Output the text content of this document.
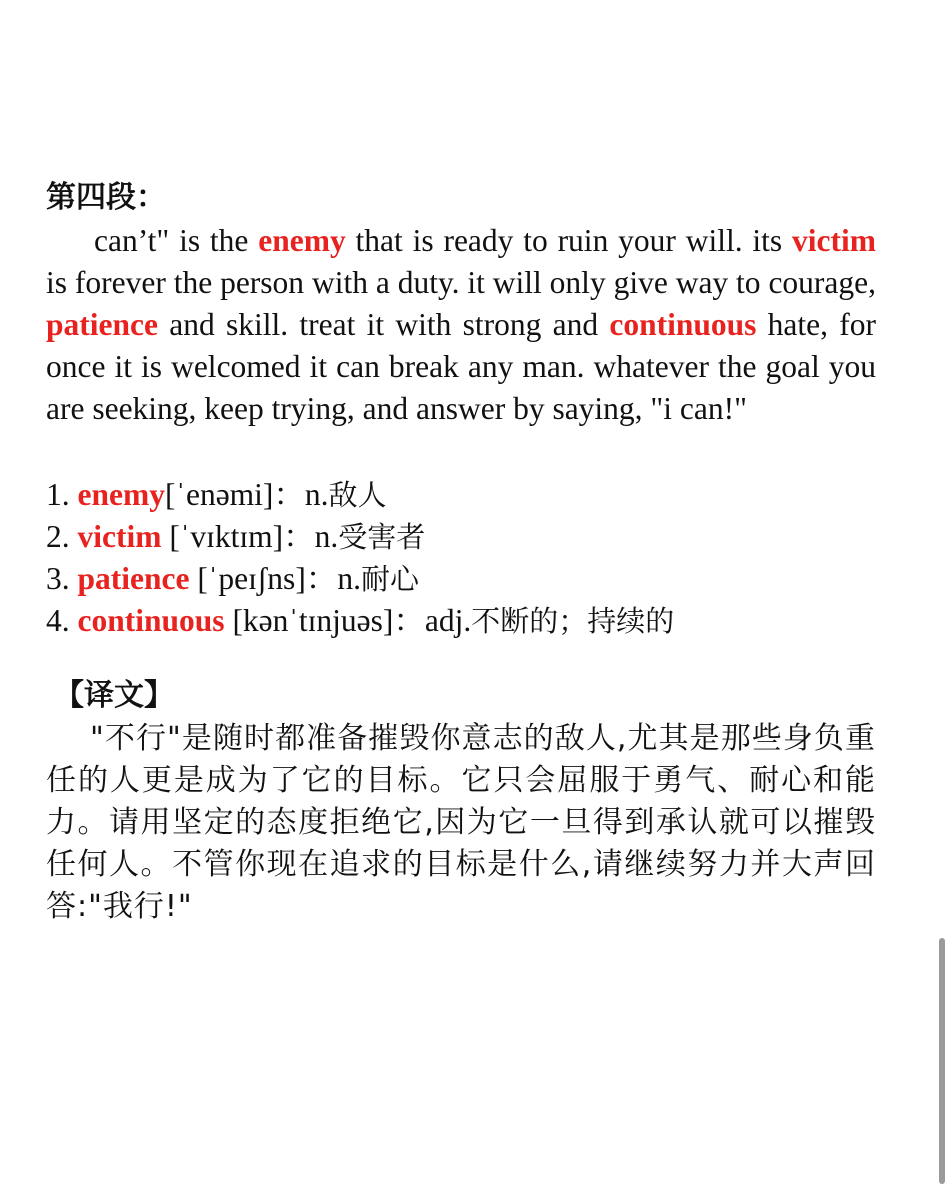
第四段：

can’t" is the enemy that is ready to ruin your will. its victim is forever the person with a duty. it will only give way to courage, patience and skill. treat it with strong and continuous hate, for once it is welcomed it can break any man. whatever the goal you are seeking, keep trying, and answer by saying, "i can!"

1. enemy[ˈenəmi]：n.敌人
2. victim [ˈvɪktɪm]：n.受害者
3. patience [ˈpeɪʃns]：n.耐心
4. continuous [kənˈtɪnjuəs]：adj.不断的；持续的
【译文】

"不行"是随时都准备摧毁你意志的敌人,尤其是那些身负重任的人更是成为了它的目标。它只会屈服于勇气、耐心和能力。请用坚定的态度拒绝它,因为它一旦得到承认就可以摧毁任何人。不管你现在追求的目标是什么,请继续努力并大声回答:"我行!"
